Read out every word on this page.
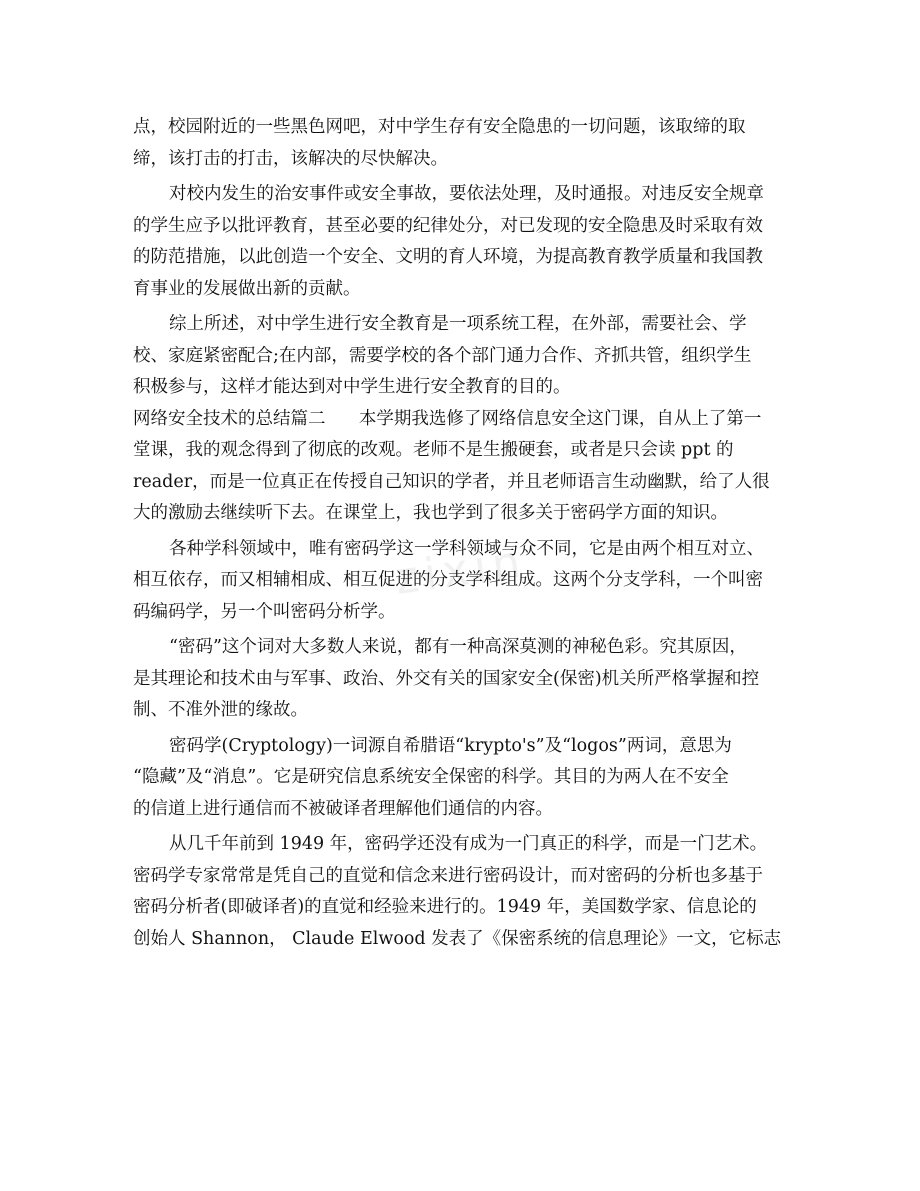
zixin
点，校园附近的一些黑色网吧，对中学生存有安全隐患的一切问题，该取缔的取
缔，该打击的打击，该解决的尽快解决。
对校内发生的治安事件或安全事故，要依法处理，及时通报。对违反安全规章
的学生应予以批评教育，甚至必要的纪律处分，对已发现的安全隐患及时采取有效
的防范措施，以此创造一个安全、文明的育人环境，为提高教育教学质量和我国教
育事业的发展做出新的贡献。
综上所述，对中学生进行安全教育是一项系统工程，在外部，需要社会、学
校、家庭紧密配合;在内部，需要学校的各个部门通力合作、齐抓共管，组织学生
积极参与，这样才能达到对中学生进行安全教育的目的。
网络安全技术的总结篇二      本学期我选修了网络信息安全这门课，自从上了第一
堂课，我的观念得到了彻底的改观。老师不是生搬硬套，或者是只会读 ppt 的
reader，而是一位真正在传授自己知识的学者，并且老师语言生动幽默，给了人很
大的激励去继续听下去。在课堂上，我也学到了很多关于密码学方面的知识。
各种学科领域中，唯有密码学这一学科领域与众不同，它是由两个相互对立、
相互依存，而又相辅相成、相互促进的分支学科组成。这两个分支学科，一个叫密
码编码学，另一个叫密码分析学。
“密码”这个词对大多数人来说，都有一种高深莫测的神秘色彩。究其原因，
是其理论和技术由与军事、政治、外交有关的国家安全(保密)机关所严格掌握和控
制、不准外泄的缘故。
密码学(Cryptology)一词源自希腊语“krypto's”及“logos”两词，意思为
“隐藏”及“消息”。它是研究信息系统安全保密的科学。其目的为两人在不安全
的信道上进行通信而不被破译者理解他们通信的内容。
从几千年前到 1949 年，密码学还没有成为一门真正的科学，而是一门艺术。
密码学专家常常是凭自己的直觉和信念来进行密码设计，而对密码的分析也多基于
密码分析者(即破译者)的直觉和经验来进行的。1949 年，美国数学家、信息论的
创始人 Shannon， Claude Elwood 发表了《保密系统的信息理论》一文，它标志
